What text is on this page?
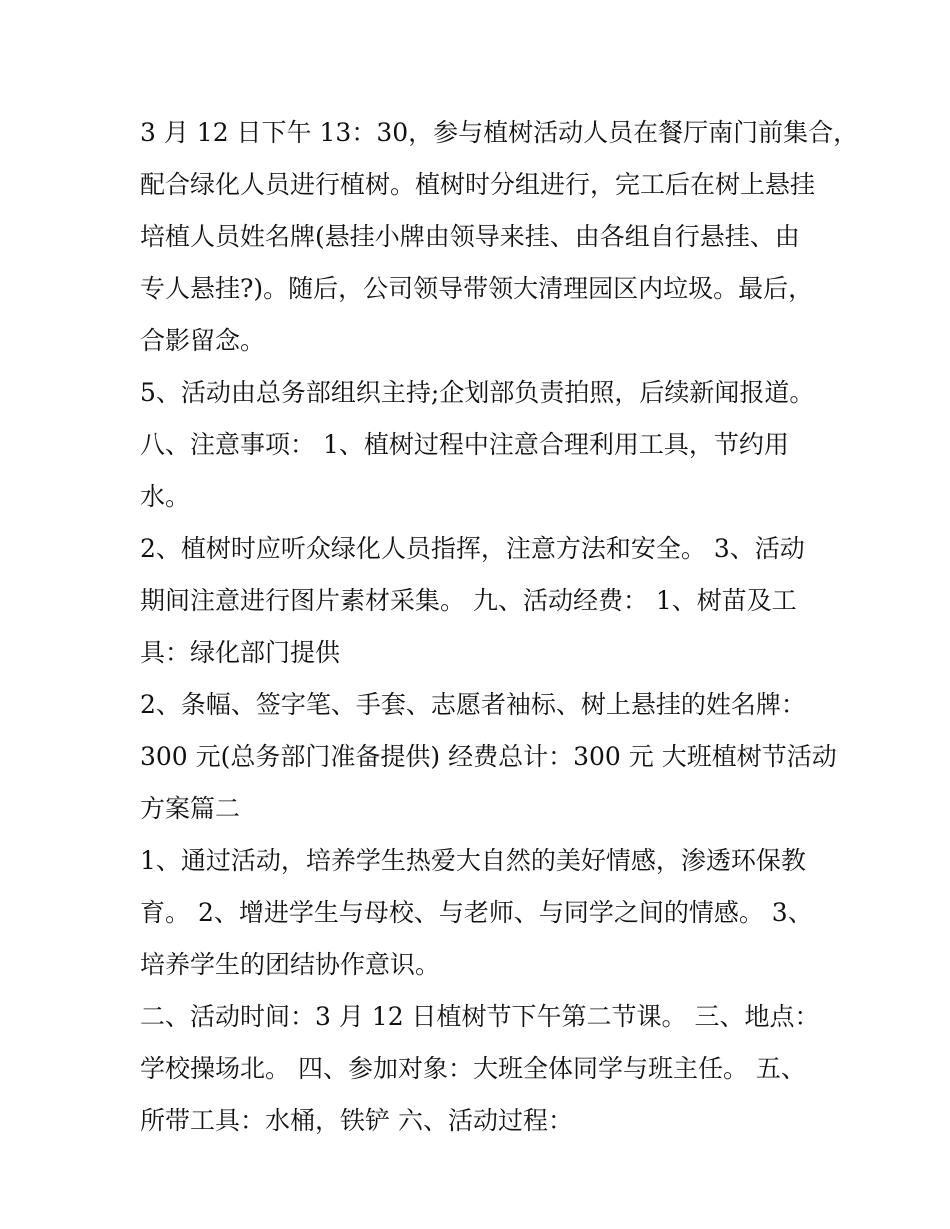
3 月 12 日下午 13：30，参与植树活动人员在餐厅南门前集合，
配合绿化人员进行植树。植树时分组进行，完工后在树上悬挂
培植人员姓名牌(悬挂小牌由领导来挂、由各组自行悬挂、由
专人悬挂?)。随后，公司领导带领大清理园区内垃圾。最后，
合影留念。
5、活动由总务部组织主持;企划部负责拍照，后续新闻报道。
八、注意事项： 1、植树过程中注意合理利用工具，节约用
水。
2、植树时应听众绿化人员指挥，注意方法和安全。 3、活动
期间注意进行图片素材采集。 九、活动经费： 1、树苗及工
具：绿化部门提供
2、条幅、签字笔、手套、志愿者袖标、树上悬挂的姓名牌：
300 元(总务部门准备提供) 经费总计：300 元 大班植树节活动
方案篇二
1、通过活动，培养学生热爱大自然的美好情感，渗透环保教
育。 2、增进学生与母校、与老师、与同学之间的情感。 3、
培养学生的团结协作意识。
二、活动时间：3 月 12 日植树节下午第二节课。 三、地点：
学校操场北。 四、参加对象：大班全体同学与班主任。 五、
所带工具：水桶，铁铲 六、活动过程：
